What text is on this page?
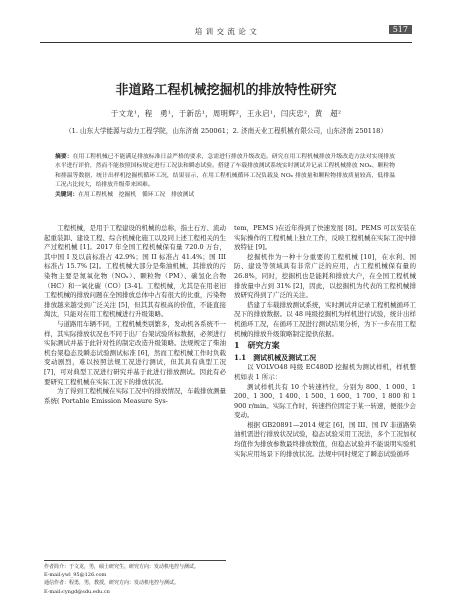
培 训 交 流 论 文	517
非道路工程机械挖掘机的排放特性研究
于文龙¹，程　勇¹，于新岳¹，周明辉²，王永启¹，闫庆忠²，黄　超²
（1. 山东大学能源与动力工程学院，山东济南 250061；2. 济南天业工程机械有限公司，山东济南 250118）

摘要：在用工程机械已不能满足排放标准日益严格的要求，急需进行排放升级改造。研究在用工程机械排放升级改造方法对实现排放水平进行评价，然而不能按照国标规定进行工况法和瞬态试验。搭建了车载排放测试系统实时测试并记录工程机械排放 NOₓ、颗粒物和排温等数据，统计出样机挖掘机循环工况，结果显示，在用工程机械循环工况负载及 NOₓ 排放量和颗粒物排放质量较高，低排温工况占比较大，给排放升级带来困难。

关键词：在用工程机械　挖掘机　循环工况　排放测试

工程机械，是用于工程建设的机械的总称，指土石方、流动起重装卸、建设工程、综合机械化施工以及同上述工程相关的生产过程机械 [1]。2017 年全国工程机械保有量 720.0 万台，其中国 I 及以前标准占 42.9%；国 II 标准占 41.4%；国 III 标准占 15.7% [2]。工程机械大部分是柴油机械，其排放的污染物主要是氮氧化物（NOₓ）、颗粒物（PM）、碳氢化合物（HC）和一氧化碳（CO）[3-4]。工程机械，尤其是在用老旧工程机械的排放问题在全国排放总体中占有很大的比重，污染物排放越来越受到广泛关注 [5]，但其其有极高的价值，不能直接淘汰，只能对在用工程机械进行升级策略。

与道路用车辆不同，工程机械类别繁多，发动机各系统不一样，其实际排放状况也不同于出厂台架试验所标数据，必须进行实际测试并基于此针对性的制定改造升级策略。法规规定了柴油机台架稳态及瞬态试验测试标准 [6]，然而工程机械工作时负载变动剧烈，难以按照法规工况进行测试，但其具有典型工况 [7]，可对典型工况进行研究并基于此进行排放测试。因此有必要研究工程机械在实际工况下的排放状况。

为了得到工程机械在实际工况中的排放情况，车载排放测量系统( Portable Emission Measure Sys-

tem，PEMS )在近年得到了快速发展 [8]。PEMS 可以安装在实际操作的工程机械上独立工作，反映工程机械在实际工况中排放特征 [9]。

挖掘机作为一种十分重要的工程机械 [10]，在水利、国防、建设等领域具有非常广泛的应用，占工程机械保有量的 26.8%，同时，挖掘机也是能耗和排放大户，在全国工程机械排放量中占到 31% [2]，因此，以挖掘机为代表的工程机械排放研究得到了广泛的关注。

搭建了车载排放测试系统，实时测试并记录工程机械循环工况下的排放数据。以 48 吨级挖掘机为样机进行试验，统计出样机循环工况，在循环工况进行测试结果分析，为下一步在用工程机械的排放升级策略制定提供依据。

1　研究方案
1.1　测试机械及测试工况

以 VOLVO48 吨级 EC480D 挖掘机为测试样机，样机整机如表 1 所示：

测试样机共有 10 个转速档位，分别为 800、1 000、1 200、1 300、1 400、1 500、1 600、1 700、1 800 和 1 900 r/min。实际工作时，转速挡位固定于某一转速，便很少会变动。

根据 GB20891—2014 规定 [6]，国 III、国 IV 非道路柴油机需进行排放状况试验，稳态试验采用工况法，多个工况加权均值作为排放参数最终排放数值，但稳态试验并不能说明实验机实际应用场景下的排放状况。法规中同时规定了瞬态试验循环

作者简介：于文龙，男，硕士研究生，研究方向：发动机电控与测试。

E-mail:ywl_95@126.com

通信作者：程勇，男，教授，研究方向：发动机电控与测试。

E-mail:cyngd@sdu.edu.cn
